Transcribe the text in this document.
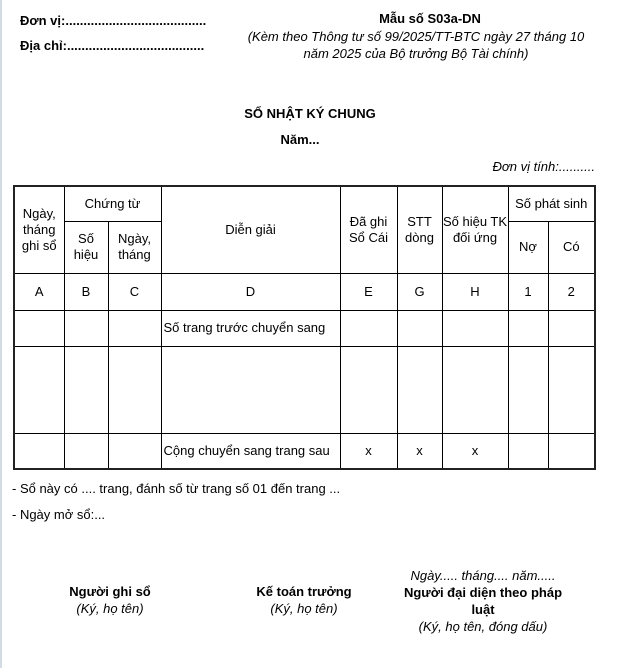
Đơn vị:.......................................
Địa chỉ:......................................
Mẫu số S03a-DN
(Kèm theo Thông tư số 99/2025/TT-BTC ngày 27 tháng 10 năm 2025 của Bộ trưởng Bộ Tài chính)
SỔ NHẬT KÝ CHUNG
Năm...
Đơn vị tính:..........
Ngày, tháng ghi sổ	Chứng từ		Diễn giải	Đã ghi Sổ Cái	STT dòng	Số hiệu TK đối ứng	Số phát sinh	
	Số hiệu	Ngày, tháng					Nợ	Có
A	B	C	D	E	G	H	1	2
			Số trang trước chuyển sang					

			Cộng chuyển sang trang sau	x	x	x		
- Sổ này có .... trang, đánh số từ trang số 01 đến trang ...
- Ngày mở sổ:...
Người ghi sổ
(Ký, họ tên)
Kế toán trưởng
(Ký, họ tên)
Ngày..... tháng.... năm.....
Người đại diện theo pháp luật
(Ký, họ tên, đóng dấu)
